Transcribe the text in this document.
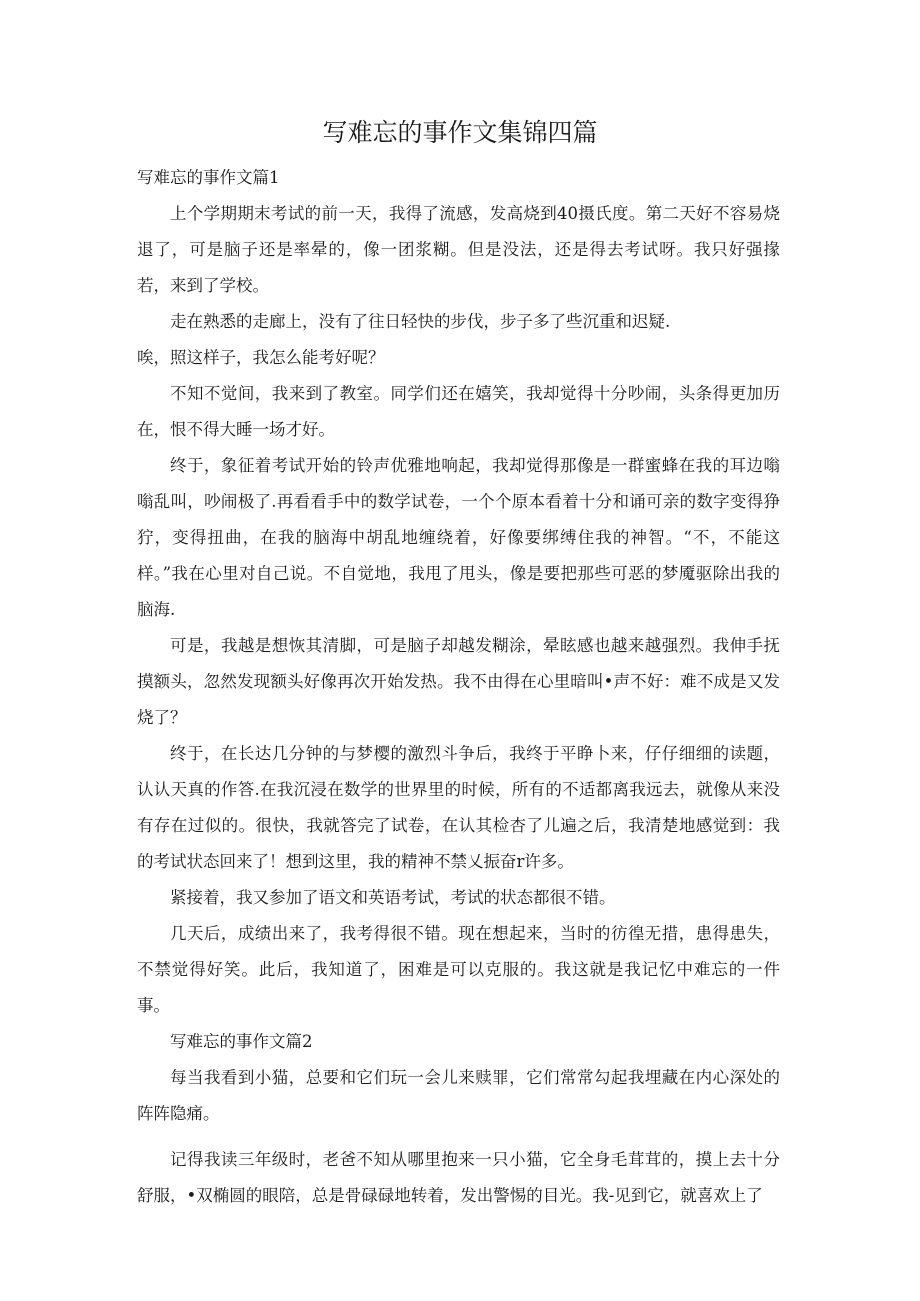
写难忘的事作文集锦四篇

写难忘的事作文篇1

上个学期期末考试的前一天，我得了流感，发高烧到40摄氏度。第二天好不容易烧退了，可是脑子还是率晕的，像一团浆糊。但是没法，还是得去考试呀。我只好强掾若，来到了学校。

走在熟悉的走廊上，没有了往日轻快的步伐，步子多了些沉重和迟疑.

唉，照这样子，我怎么能考好呢？

不知不觉间，我来到了教室。同学们还在嬉笑，我却觉得十分吵闹，头条得更加历在，恨不得大睡一场才好。

终于，象征着考试开始的铃声优雅地响起，我却觉得那像是一群蜜蜂在我的耳边嗡嗡乱叫，吵闹极了.再看看手中的数学试卷，一个个原本看着十分和诵可亲的数字变得狰狞，变得扭曲，在我的脑海中胡乱地缠绕着，好像要绑缚住我的神智。“不，不能这样。”我在心里对自己说。不自觉地，我甩了甩头，像是要把那些可恶的梦魇驱除出我的脑海.

可是，我越是想恢其清脚，可是脑子却越发糊涂，晕眩感也越来越强烈。我伸手抚摸额头，忽然发现额头好像再次开始发热。我不由得在心里暗叫•声不好：难不成是又发烧了？

终于，在长达几分钟的与梦樱的激烈斗争后，我终于平睁卜来，仔仔细细的读题，认认天真的作答.在我沉浸在数学的世界里的时候，所有的不适都离我远去，就像从来没有存在过似的。很快，我就答完了试卷，在认其检杏了儿遍之后，我清楚地感觉到：我的考试状态回来了！想到这里，我的精神不禁乂振奋r许多。

紧接着，我又参加了语文和英语考试，考试的状态都很不错。

几天后，成绩出来了，我考得很不错。现在想起来，当时的彷徨无措，患得患失，不禁觉得好笑。此后，我知道了，困难是可以克服的。我这就是我记忆中难忘的一件事。

写难忘的事作文篇2

每当我看到小猫，总要和它们玩一会儿来赎罪，它们常常勾起我埋藏在内心深处的阵阵隐痛。

记得我读三年级时，老爸不知从哪里抱来一只小猫，它全身毛茸茸的，摸上去十分舒服，•双椭圆的眼陪，总是骨碌碌地转着，发出警惕的目光。我-见到它，就喜欢上了
